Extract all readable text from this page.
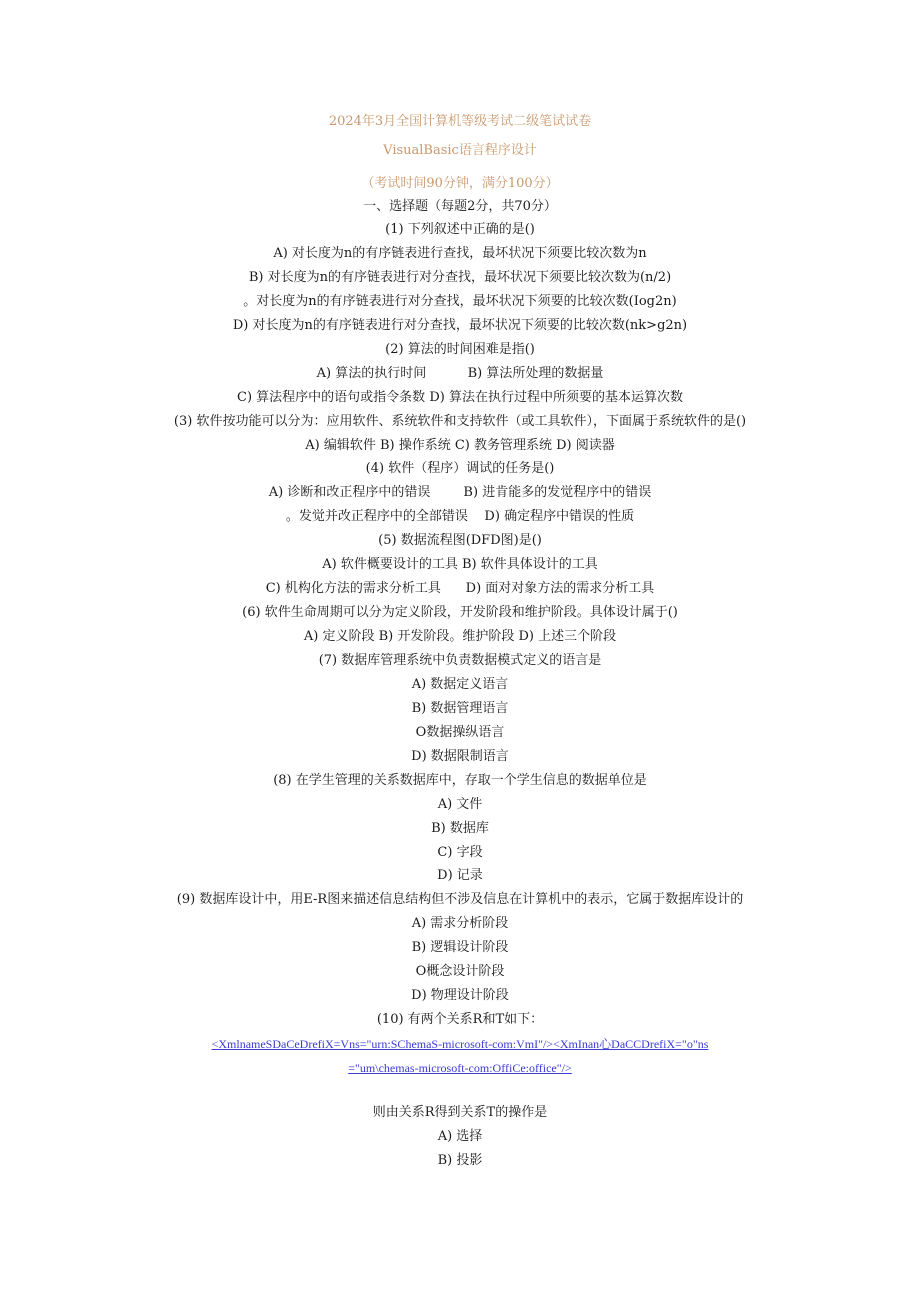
2024年3月全国计算机等级考试二级笔试试卷
VisualBasic语言程序设计
（考试时间90分钟，满分100分）
一、选择题（每题2分，共70分）
(1) 下列叙述中正确的是()
A) 对长度为n的有序链表进行查找，最坏状况下须要比较次数为n
B) 对长度为n的有序链表进行对分查找，最坏状况下须要比较次数为(n/2)
。对长度为n的有序链表进行对分查找，最坏状况下须要的比较次数(Iog2n)
D) 对长度为n的有序链表进行对分查找，最坏状况下须要的比较次数(nk>g2n)
(2) 算法的时间困难是指()
A) 算法的执行时间          B) 算法所处理的数据量
C) 算法程序中的语句或指令条数 D) 算法在执行过程中所须要的基本运算次数
(3) 软件按功能可以分为：应用软件、系统软件和支持软件（或工具软件），下面属于系统软件的是()
A) 编辑软件 B) 操作系统 C) 教务管理系统 D) 阅读器
(4) 软件（程序）调试的任务是()
A) 诊断和改正程序中的错误        B) 进肯能多的发觉程序中的错误
。发觉并改正程序中的全部错误    D) 确定程序中错误的性质
(5) 数据流程图(DFD图)是()
A) 软件概要设计的工具 B) 软件具体设计的工具
C) 机构化方法的需求分析工具      D) 面对对象方法的需求分析工具
(6) 软件生命周期可以分为定义阶段，开发阶段和维护阶段。具体设计属于()
A) 定义阶段 B) 开发阶段。维护阶段 D) 上述三个阶段
(7) 数据库管理系统中负责数据模式定义的语言是
A) 数据定义语言
B) 数据管理语言
O数据操纵语言
D) 数据限制语言
(8) 在学生管理的关系数据库中，存取一个学生信息的数据单位是
A) 文件
B) 数据库
C) 字段
D) 记录
(9) 数据库设计中，用E-R图来描述信息结构但不涉及信息在计算机中的表示，它属于数据库设计的
A) 需求分析阶段
B) 逻辑设计阶段
O概念设计阶段
D) 物理设计阶段
(10) 有两个关系R和T如下：
<XmlnameSDaCeDrefiX=Vns="urn:SChemaS-microsoft-com:VmI"/><XmInan心DaCCDrefiX="o"ns
="um\chemas-microsoft-com:OffiCe:office"/>
则由关系R得到关系T的操作是
A) 选择
B) 投影
